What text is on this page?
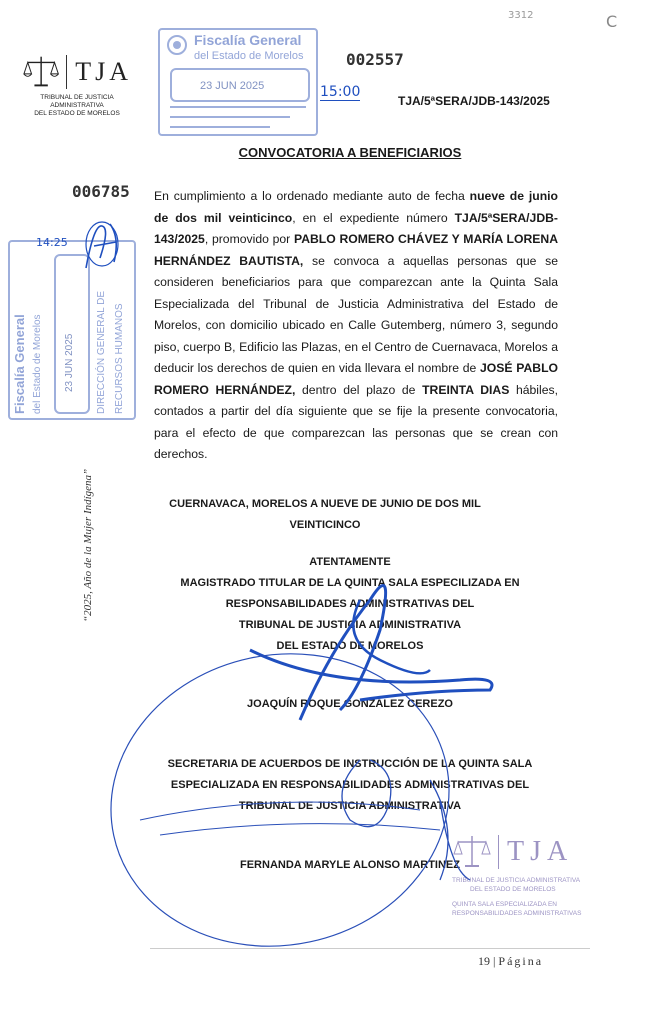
3312	C
TJA
TRIBUNAL DE JUSTICIA ADMINISTRATIVA
DEL ESTADO DE MORELOS
Fiscalía General
del Estado de Morelos
23 JUN 2025
002557
15:00
TJA/5ªSERA/JDB-143/2025
CONVOCATORIA A BENEFICIARIOS
006785 En cumplimiento a lo ordenado mediante auto de fecha nueve de junio de dos mil veinticinco, en el expediente número TJA/5ªSERA/JDB-143/2025, promovido por PABLO ROMERO CHÁVEZ Y MARÍA LORENA HERNÁNDEZ BAUTISTA, se convoca a aquellas personas que se consideren beneficiarios para que comparezcan ante la Quinta Sala Especializada del Tribunal de Justicia Administrativa del Estado de Morelos, con domicilio ubicado en Calle Gutemberg, número 3, segundo piso, cuerpo B, Edificio las Plazas, en el Centro de Cuernavaca, Morelos a deducir los derechos de quien en vida llevara el nombre de JOSÉ PABLO ROMERO HERNÁNDEZ, dentro del plazo de TREINTA DIAS hábiles, contados a partir del día siguiente que se fije la presente convocatoria, para el efecto de que comparezcan las personas que se crean con derechos.
Fiscalía General del Estado de Morelos 23 JUN 2025 DIRECCIÓN GENERAL DE RECURSOS HUMANOS
14:25
“2025, Año de la Mujer Indígena”	CUERNAVACA, MORELOS A NUEVE DE JUNIO DE DOS MIL
VEINTICINCO
ATENTAMENTE
MAGISTRADO TITULAR DE LA QUINTA SALA ESPECILIZADA EN
RESPONSABILIDADES ADMINISTRATIVAS DEL
TRIBUNAL DE JUSTICIA ADMINISTRATIVA
DEL ESTADO DE MORELOS
JOAQUÍN ROQUE GONZÁLEZ CEREZO
SECRETARIA DE ACUERDOS DE INSTRUCCIÓN DE LA QUINTA SALA
ESPECIALIZADA EN RESPONSABILIDADES ADMINISTRATIVAS DEL
TRIBUNAL DE JUSTICIA ADMINISTRATIVA
FERNANDA MARYLE ALONSO MARTINEZ	TJA
TRIBUNAL DE JUSTICIA ADMINISTRATIVA
DEL ESTADO DE MORELOS
QUINTA SALA ESPECIALIZADA EN
RESPONSABILIDADES ADMINISTRATIVAS
19 | Página
